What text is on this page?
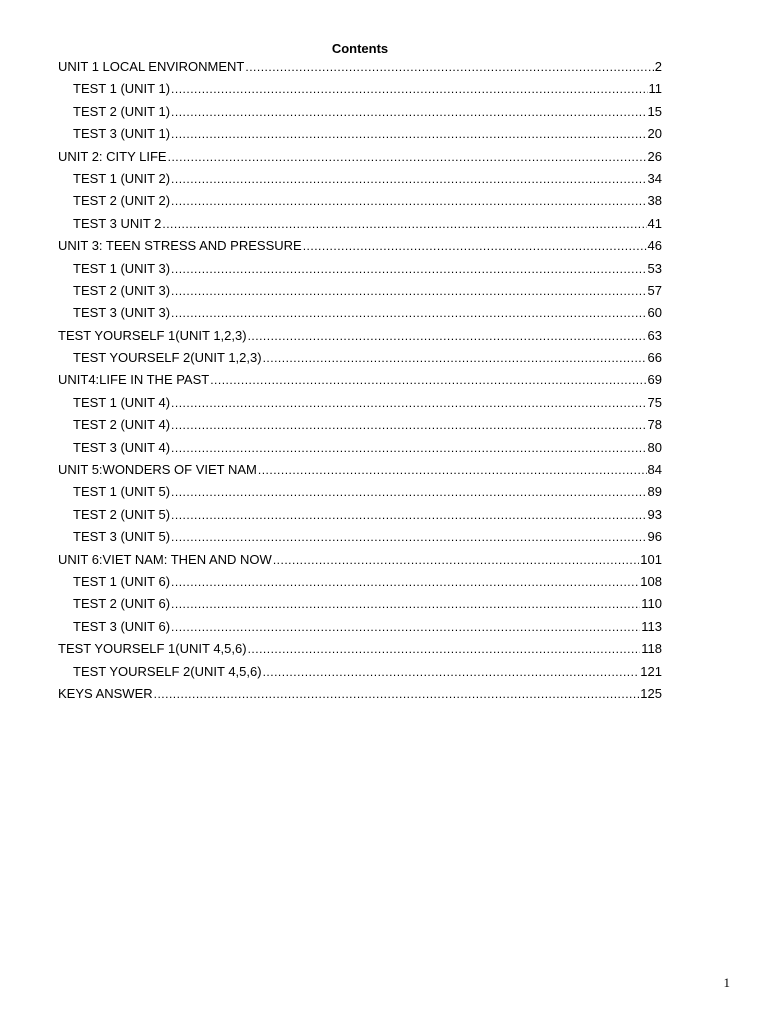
Contents
UNIT 1 LOCAL ENVIRONMENT .....	2
TEST 1 (UNIT 1) .....	11
TEST 2 (UNIT 1) .....	15
TEST 3 (UNIT 1) .....	20
UNIT 2: CITY LIFE .....	26
TEST 1 (UNIT 2) .....	34
TEST 2 (UNIT 2) .....	38
TEST 3 UNIT 2 .....	41
UNIT 3: TEEN STRESS AND PRESSURE .....	46
TEST 1 (UNIT 3) .....	53
TEST 2 (UNIT 3) .....	57
TEST 3 (UNIT 3) .....	60
TEST YOURSELF 1(UNIT 1,2,3) .....	63
TEST YOURSELF 2(UNIT 1,2,3) .....	66
UNIT4:LIFE IN THE PAST .....	69
TEST 1 (UNIT 4) .....	75
TEST 2 (UNIT 4) .....	78
TEST 3 (UNIT 4) .....	80
UNIT 5:WONDERS OF VIET NAM .....	84
TEST 1 (UNIT 5) .....	89
TEST 2 (UNIT 5) .....	93
TEST 3 (UNIT 5) .....	96
UNIT 6:VIET NAM: THEN AND NOW .....	101
TEST 1 (UNIT 6) .....	108
TEST 2 (UNIT 6) .....	110
TEST 3 (UNIT 6) .....	113
TEST YOURSELF 1(UNIT 4,5,6) .....	118
TEST YOURSELF 2(UNIT 4,5,6) .....	121
KEYS ANSWER .....	125
1
